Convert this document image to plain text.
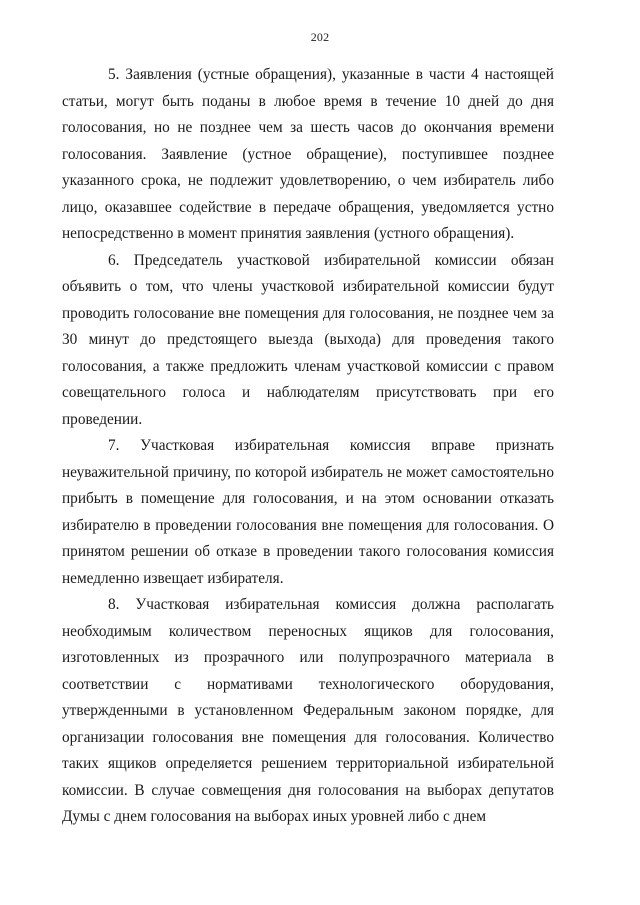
202

5. Заявления (устные обращения), указанные в части 4 настоящей статьи, могут быть поданы в любое время в течение 10 дней до дня голосования, но не позднее чем за шесть часов до окончания времени голосования. Заявление (устное обращение), поступившее позднее указанного срока, не подлежит удовлетворению, о чем избиратель либо лицо, оказавшее содействие в передаче обращения, уведомляется устно непосредственно в момент принятия заявления (устного обращения).

6. Председатель участковой избирательной комиссии обязан объявить о том, что члены участковой избирательной комиссии будут проводить голосование вне помещения для голосования, не позднее чем за 30 минут до предстоящего выезда (выхода) для проведения такого голосования, а также предложить членам участковой комиссии с правом совещательного голоса и наблюдателям присутствовать при его проведении.

7. Участковая избирательная комиссия вправе признать неуважительной причину, по которой избиратель не может самостоятельно прибыть в помещение для голосования, и на этом основании отказать избирателю в проведении голосования вне помещения для голосования. О принятом решении об отказе в проведении такого голосования комиссия немедленно извещает избирателя.

8. Участковая избирательная комиссия должна располагать необходимым количеством переносных ящиков для голосования, изготовленных из прозрачного или полупрозрачного материала в соответствии с нормативами технологического оборудования, утвержденными в установленном Федеральным законом порядке, для организации голосования вне помещения для голосования. Количество таких ящиков определяется решением территориальной избирательной комиссии. В случае совмещения дня голосования на выборах депутатов Думы с днем голосования на выборах иных уровней либо с днем
